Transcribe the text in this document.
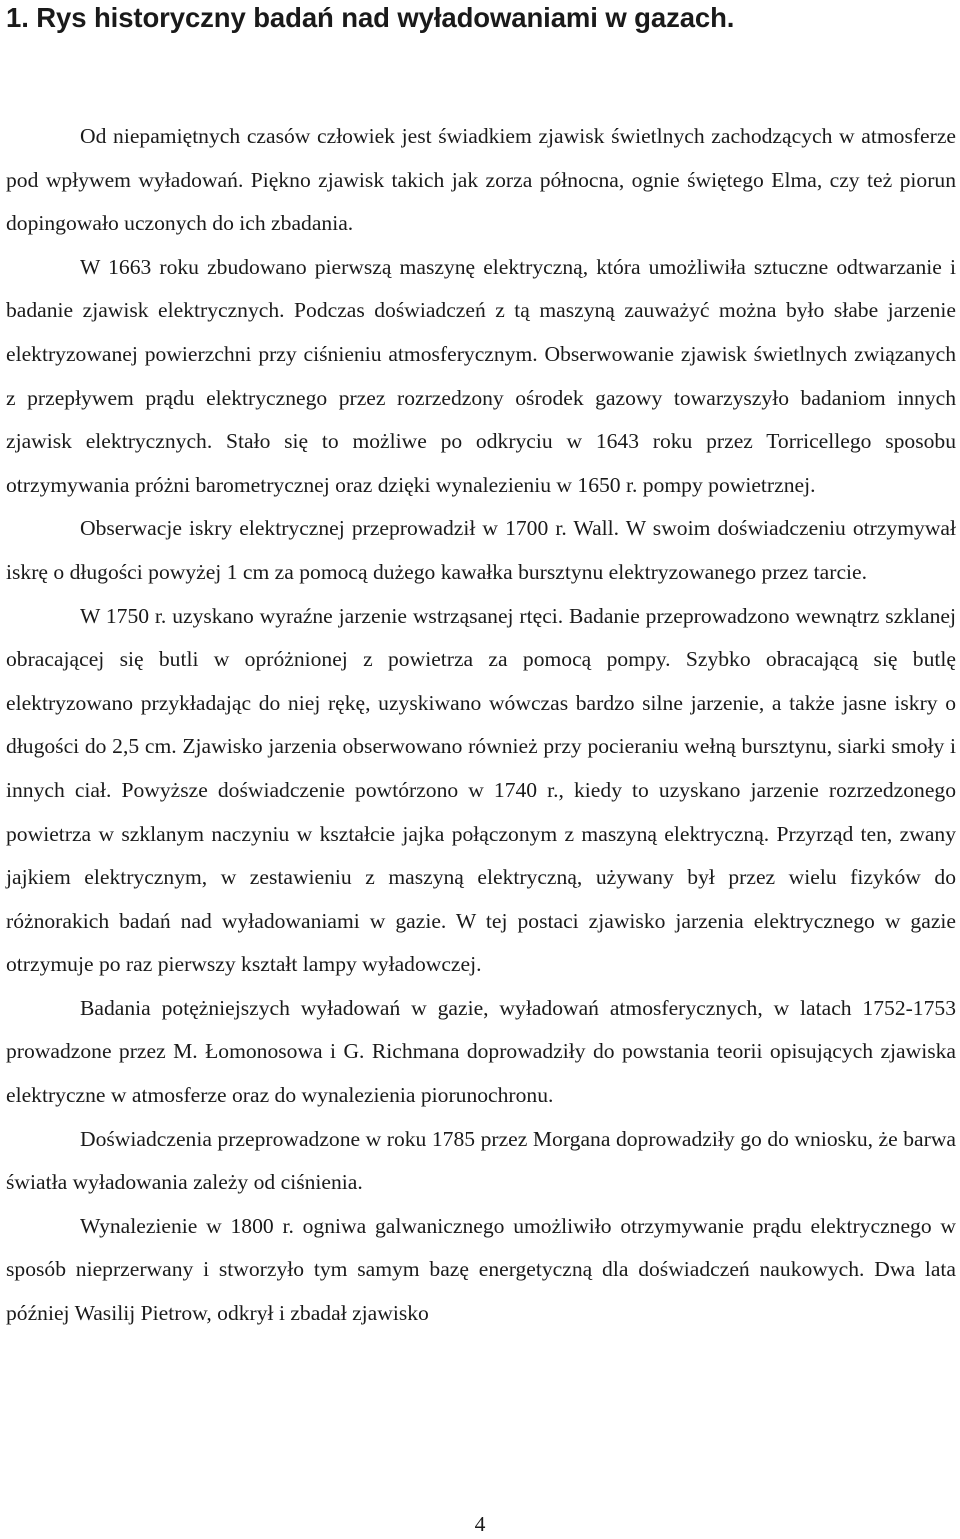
1. Rys historyczny badań nad wyładowaniami w gazach.

Od niepamiętnych czasów człowiek jest świadkiem zjawisk świetlnych zachodzących w atmosferze pod wpływem wyładowań. Piękno zjawisk takich jak zorza północna, ognie świętego Elma, czy też piorun dopingowało uczonych do ich zbadania.

W 1663 roku zbudowano pierwszą maszynę elektryczną, która umożliwiła sztuczne odtwarzanie i badanie zjawisk elektrycznych. Podczas doświadczeń z tą maszyną zauważyć można było słabe jarzenie elektryzowanej powierzchni przy ciśnieniu atmosferycznym. Obserwowanie zjawisk świetlnych związanych z przepływem prądu elektrycznego przez rozrzedzony ośrodek gazowy towarzyszyło badaniom innych zjawisk elektrycznych. Stało się to możliwe po odkryciu w 1643 roku przez Torricellego sposobu otrzymywania próżni barometrycznej oraz dzięki wynalezieniu w 1650 r. pompy powietrznej.

Obserwacje iskry elektrycznej przeprowadził w 1700 r. Wall. W swoim doświadczeniu otrzymywał iskrę o długości powyżej 1 cm za pomocą dużego kawałka bursztynu elektryzowanego przez tarcie.

W 1750 r. uzyskano wyraźne jarzenie wstrząsanej rtęci. Badanie przeprowadzono wewnątrz szklanej obracającej się butli w opróżnionej z powietrza za pomocą pompy. Szybko obracającą się butlę elektryzowano przykładając do niej rękę, uzyskiwano wówczas bardzo silne jarzenie, a także jasne iskry o długości do 2,5 cm. Zjawisko jarzenia obserwowano również przy pocieraniu wełną bursztynu, siarki smoły i innych ciał. Powyższe doświadczenie powtórzono w 1740 r., kiedy to uzyskano jarzenie rozrzedzonego powietrza w szklanym naczyniu w kształcie jajka połączonym z maszyną elektryczną. Przyrząd ten, zwany jajkiem elektrycznym, w zestawieniu z maszyną elektryczną, używany był przez wielu fizyków do różnorakich badań nad wyładowaniami w gazie. W tej postaci zjawisko jarzenia elektrycznego w gazie otrzymuje po raz pierwszy kształt lampy wyładowczej.

Badania potężniejszych wyładowań w gazie, wyładowań atmosferycznych, w latach 1752-1753 prowadzone przez M. Łomonosowa i G. Richmana doprowadziły do powstania teorii opisujących zjawiska elektryczne w atmosferze oraz do wynalezienia piorunochronu.

Doświadczenia przeprowadzone w roku 1785 przez Morgana doprowadziły go do wniosku, że barwa światła wyładowania zależy od ciśnienia.

Wynalezienie w 1800 r. ogniwa galwanicznego umożliwiło otrzymywanie prądu elektrycznego w sposób nieprzerwany i stworzyło tym samym bazę energetyczną dla doświadczeń naukowych. Dwa lata później Wasilij Pietrow, odkrył i zbadał zjawisko

4
